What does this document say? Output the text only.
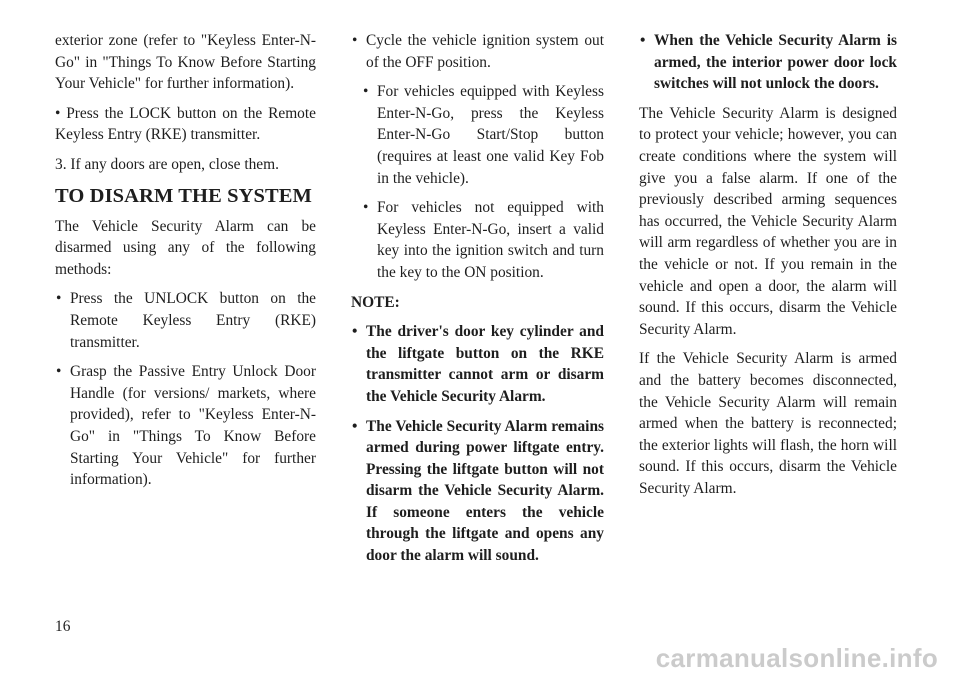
exterior zone (refer to "Keyless Enter-N-Go" in "Things To Know Before Starting Your Vehicle" for further information).

• Press the LOCK button on the Remote Keyless Entry (RKE) transmitter.

3. If any doors are open, close them.

TO DISARM THE SYSTEM

The Vehicle Security Alarm can be disarmed using any of the following methods:

• Press the UNLOCK button on the Remote Keyless Entry (RKE) transmitter.
• Grasp the Passive Entry Unlock Door Handle (for versions/ markets, where provided), refer to "Keyless Enter-N-Go" in "Things To Know Before Starting Your Vehicle" for further information).
• Cycle the vehicle ignition system out of the OFF position.
• For vehicles equipped with Keyless Enter-N-Go, press the Keyless Enter-N-Go Start/Stop button (requires at least one valid Key Fob in the vehicle).
• For vehicles not equipped with Keyless Enter-N-Go, insert a valid key into the ignition switch and turn the key to the ON position.

NOTE:

• The driver's door key cylinder and the liftgate button on the RKE transmitter cannot arm or disarm the Vehicle Security Alarm.
• The Vehicle Security Alarm remains armed during power liftgate entry. Pressing the liftgate button will not disarm the Vehicle Security Alarm. If someone enters the vehicle through the liftgate and opens any door the alarm will sound.
• When the Vehicle Security Alarm is armed, the interior power door lock switches will not unlock the doors.

The Vehicle Security Alarm is designed to protect your vehicle; however, you can create conditions where the system will give you a false alarm. If one of the previously described arming sequences has occurred, the Vehicle Security Alarm will arm regardless of whether you are in the vehicle or not. If you remain in the vehicle and open a door, the alarm will sound. If this occurs, disarm the Vehicle Security Alarm.

If the Vehicle Security Alarm is armed and the battery becomes disconnected, the Vehicle Security Alarm will remain armed when the battery is reconnected; the exterior lights will flash, the horn will sound. If this occurs, disarm the Vehicle Security Alarm.

16
carmanualsonline.info
